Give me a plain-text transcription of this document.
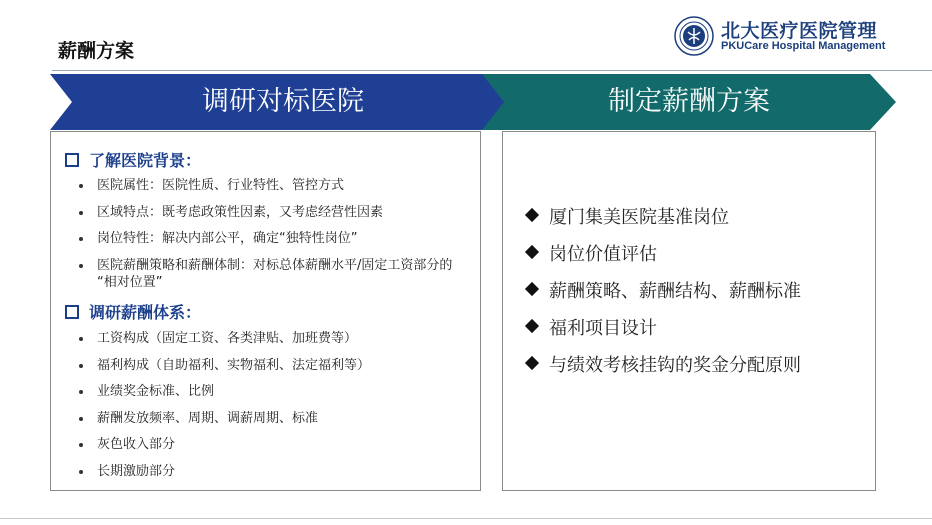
薪酬方案
北大医疗医院管理
PKUCare Hospital Management
调研对标医院	制定薪酬方案
了解医院背景：
医院属性：医院性质、行业特性、管控方式
区域特点：既考虑政策性因素，又考虑经营性因素
岗位特性：解决内部公平，确定“独特性岗位”
医院薪酬策略和薪酬体制：对标总体薪酬水平/固定工资部分的 “相对位置”
调研薪酬体系：
工资构成（固定工资、各类津贴、加班费等）
福利构成（自助福利、实物福利、法定福利等）
业绩奖金标准、比例
薪酬发放频率、周期、调薪周期、标准
灰色收入部分
长期激励部分
厦门集美医院基准岗位
岗位价值评估
薪酬策略、薪酬结构、薪酬标准
福利项目设计
与绩效考核挂钩的奖金分配原则
